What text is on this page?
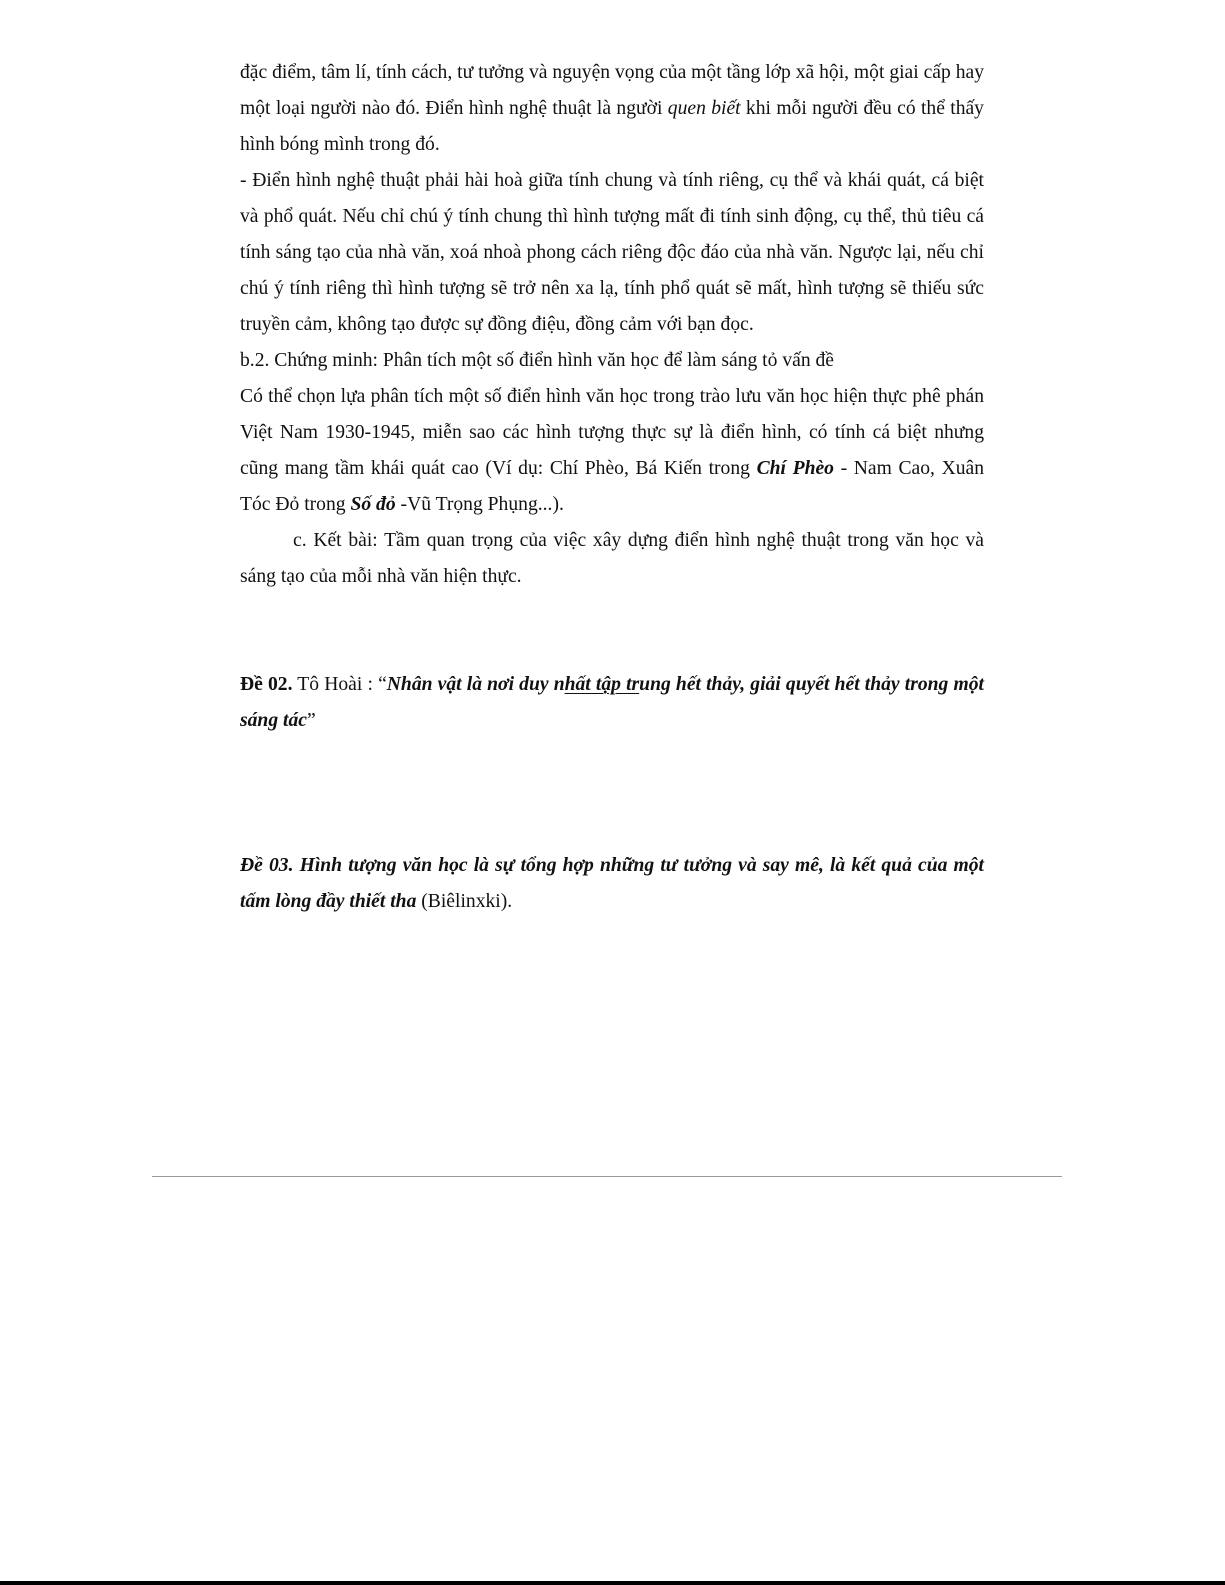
đặc điểm, tâm lí, tính cách, tư tưởng và nguyện vọng của một tầng lớp xã hội, một giai cấp hay một loại người nào đó. Điển hình nghệ thuật là người quen biết khi mỗi người đều có thể thấy hình bóng mình trong đó.

- Điển hình nghệ thuật phải hài hoà giữa tính chung và tính riêng, cụ thể và khái quát, cá biệt và phổ quát. Nếu chỉ chú ý tính chung thì hình tượng mất đi tính sinh động, cụ thể, thủ tiêu cá tính sáng tạo của nhà văn, xoá nhoà phong cách riêng độc đáo của nhà văn. Ngược lại, nếu chỉ chú ý tính riêng thì hình tượng sẽ trở nên xa lạ, tính phổ quát sẽ mất, hình tượng sẽ thiếu sức truyền cảm, không tạo được sự đồng điệu, đồng cảm với bạn đọc.

b.2. Chứng minh: Phân tích một số điển hình văn học để làm sáng tỏ vấn đề

Có thể chọn lựa phân tích một số điển hình văn học trong trào lưu văn học hiện thực phê phán Việt Nam 1930-1945, miễn sao các hình tượng thực sự là điển hình, có tính cá biệt nhưng cũng mang tầm khái quát cao (Ví dụ: Chí Phèo, Bá Kiến trong Chí Phèo - Nam Cao, Xuân Tóc Đỏ trong Số đỏ -Vũ Trọng Phụng...).

c. Kết bài: Tầm quan trọng của việc xây dựng điển hình nghệ thuật trong văn học và sáng tạo của mỗi nhà văn hiện thực.

Đề 02. Tô Hoài : “Nhân vật là nơi duy nhất tập trung hết thảy, giải quyết hết thảy trong một sáng tác”

Đề 03. Hình tượng văn học là sự tổng hợp những tư tưởng và say mê, là kết quả của một tấm lòng đầy thiết tha (Biêlinxki).
